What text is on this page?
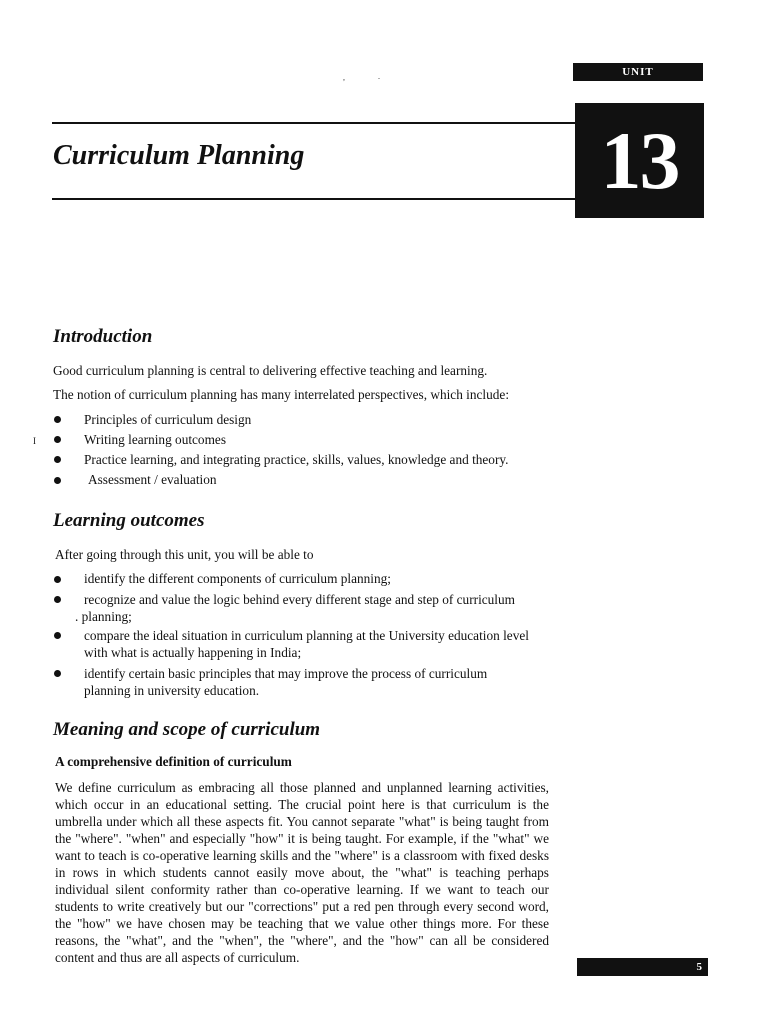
UNIT
13
Curriculum Planning
,	.
Introduction
Good curriculum planning is central to delivering effective teaching and learning.
The notion of curriculum planning has many interrelated perspectives, which include:
I
Principles of curriculum design
Writing learning outcomes
Practice learning, and integrating practice, skills, values, knowledge and theory.
Assessment / evaluation
Learning outcomes
After going through this unit, you will be able to
identify the different components of curriculum planning;
recognize and value the logic behind every different stage and step of curriculum
. planning;
compare the ideal situation in curriculum planning at the University education level
with what is actually happening in India;
identify certain basic principles that may improve the process of curriculum
planning in university education.
Meaning and scope of curriculum
A comprehensive definition of curriculum
We define curriculum as embracing all those planned and unplanned learning activities, which occur in an educational setting. The crucial point here is that curriculum is the umbrella under which all these aspects fit. You cannot separate "what" is being taught from the "where". "when" and especially "how" it is being taught. For example, if the "what" we want to teach is co-operative learning skills and the "where" is a classroom with fixed desks in rows in which students cannot easily move about, the "what" is teaching perhaps individual silent conformity rather than co-operative learning. If we want to teach our students to write creatively but our "corrections" put a red pen through every second word, the "how" we have chosen may be teaching that we value other things more. For these reasons, the "what", and the "when", the "where", and the "how" can all be considered content and thus are all aspects of curriculum.
5
